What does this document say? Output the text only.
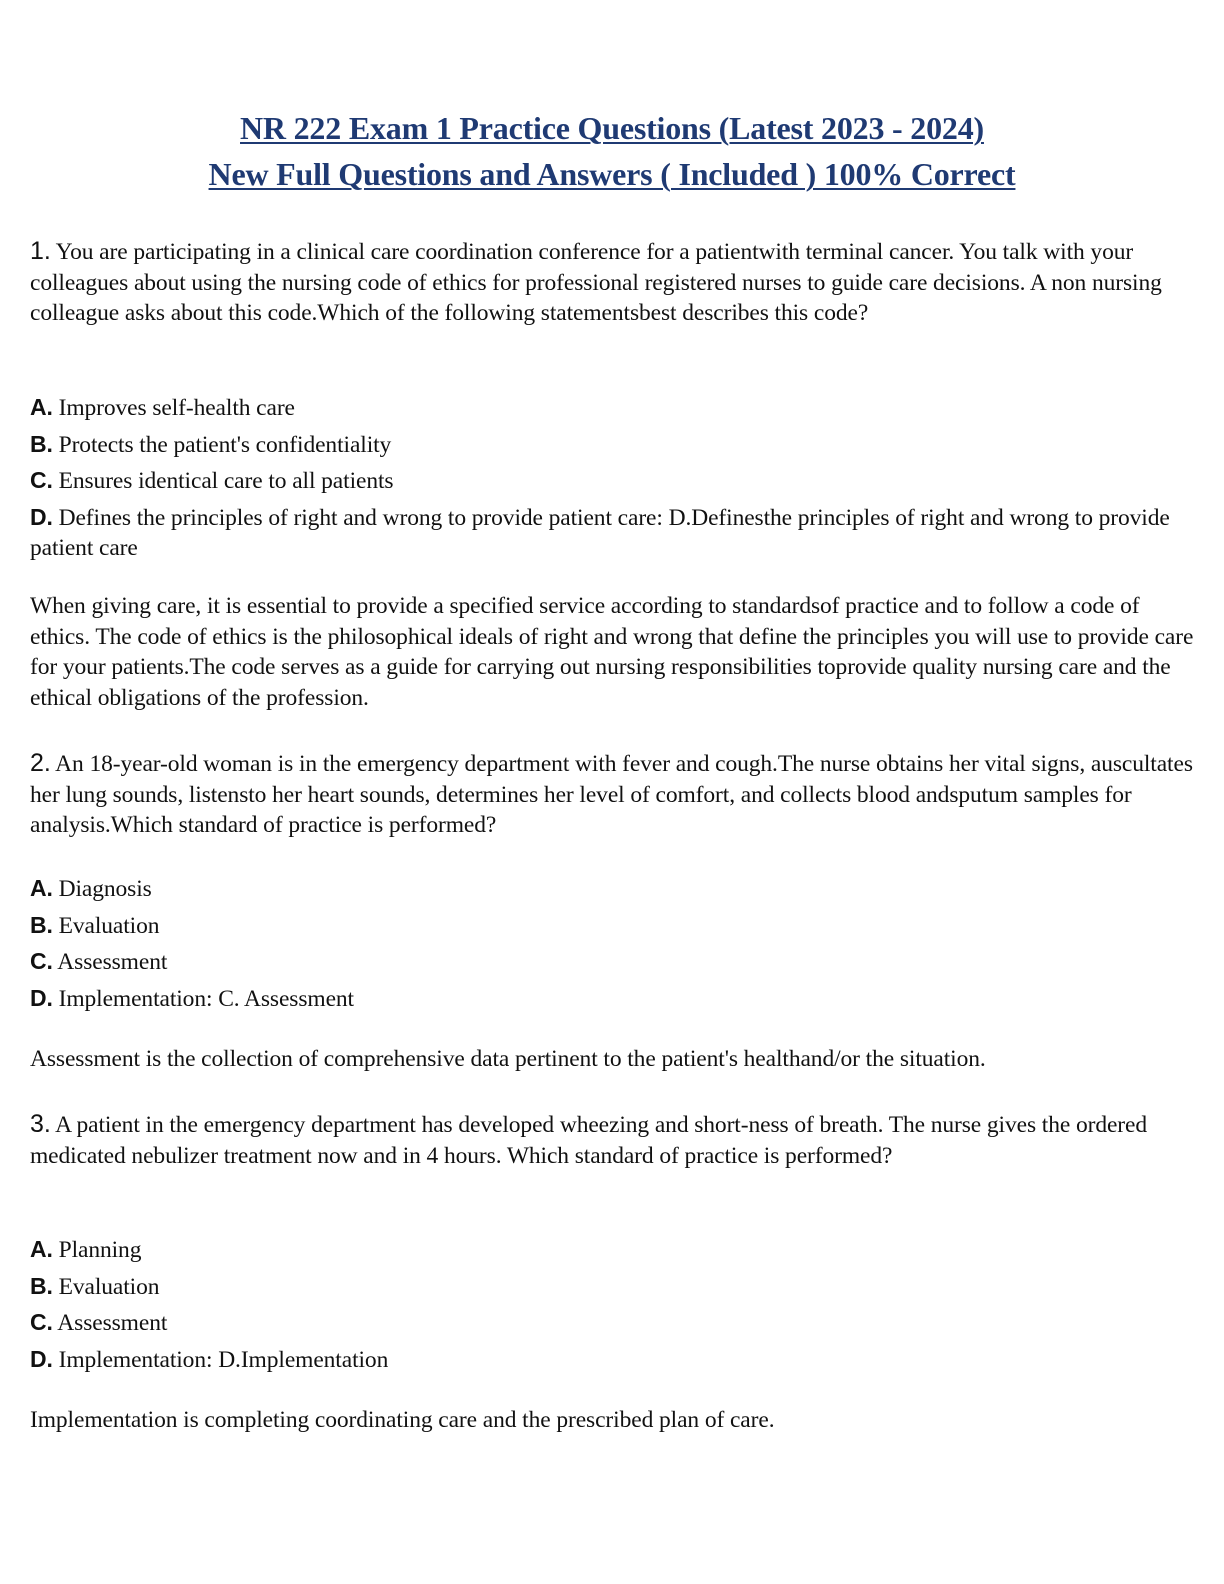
NR 222 Exam 1 Practice Questions (Latest 2023 - 2024)
New Full Questions and Answers ( Included ) 100% Correct
1. You are participating in a clinical care coordination conference for a patientwith terminal cancer. You talk with your colleagues about using the nursing code of ethics for professional registered nurses to guide care decisions. A non nursing colleague asks about this code.Which of the following statementsbest describes this code?
A. Improves self-health care
B. Protects the patient's confidentiality
C. Ensures identical care to all patients
D. Defines the principles of right and wrong to provide patient care: D.Definesthe principles of right and wrong to provide patient care
When giving care, it is essential to provide a specified service according to standardsof practice and to follow a code of ethics. The code of ethics is the philosophical ideals of right and wrong that define the principles you will use to provide care for your patients.The code serves as a guide for carrying out nursing responsibilities toprovide quality nursing care and the ethical obligations of the profession.
2. An 18-year-old woman is in the emergency department with fever and cough.The nurse obtains her vital signs, auscultates her lung sounds, listensto her heart sounds, determines her level of comfort, and collects blood andsputum samples for analysis.Which standard of practice is performed?
A. Diagnosis
B. Evaluation
C. Assessment
D. Implementation: C. Assessment
Assessment is the collection of comprehensive data pertinent to the patient's healthand/or the situation.
3. A patient in the emergency department has developed wheezing and short-ness of breath. The nurse gives the ordered medicated nebulizer treatment now and in 4 hours. Which standard of practice is performed?
A. Planning
B. Evaluation
C. Assessment
D. Implementation: D.Implementation
Implementation is completing coordinating care and the prescribed plan of care.
